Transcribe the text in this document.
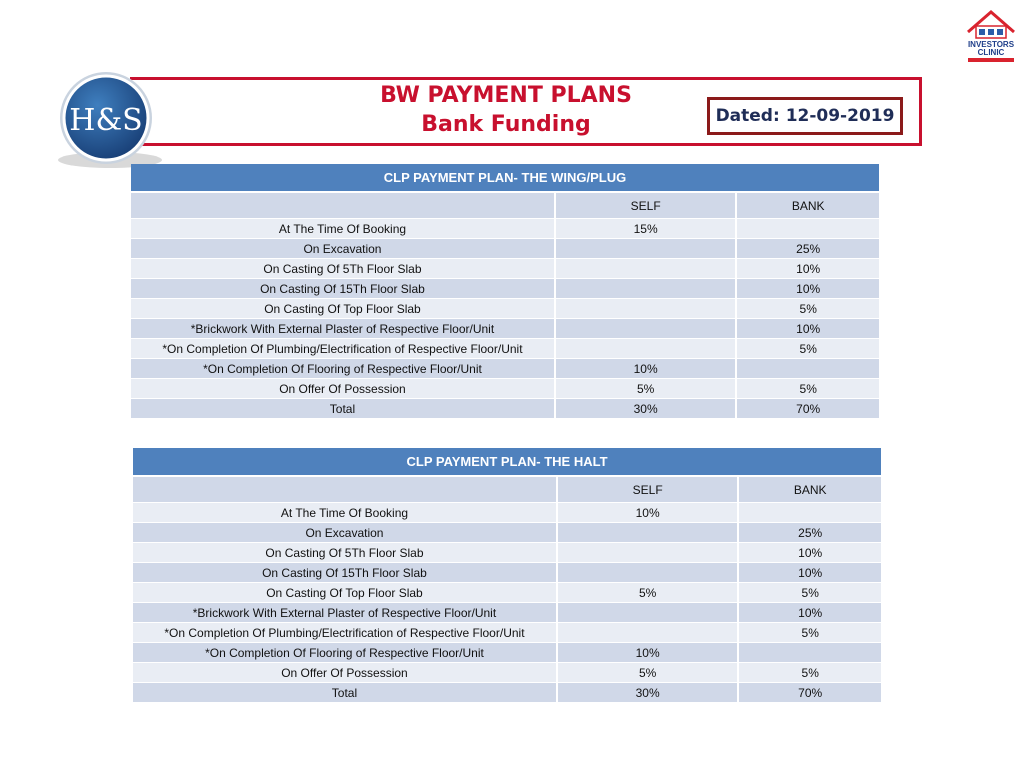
INVESTORS
CLINIC
BW PAYMENT PLANS
Bank Funding	Dated: 12-09-2019
H&S
CLP PAYMENT PLAN- THE WING/PLUG		
	SELF	BANK
At The Time Of Booking	15%	
On Excavation		25%
On Casting Of 5Th Floor Slab		10%
On Casting Of 15Th Floor Slab		10%
On Casting Of Top Floor Slab		5%
*Brickwork With External Plaster of Respective Floor/Unit		10%
*On Completion Of Plumbing/Electrification of Respective Floor/Unit		5%
*On Completion Of Flooring of Respective Floor/Unit	10%	
On Offer Of Possession	5%	5%
Total	30%	70%
CLP PAYMENT PLAN- THE HALT		
	SELF	BANK
At The Time Of Booking	10%	
On Excavation		25%
On Casting Of 5Th Floor Slab		10%
On Casting Of 15Th Floor Slab		10%
On Casting Of Top Floor Slab	5%	5%
*Brickwork With External Plaster of Respective Floor/Unit		10%
*On Completion Of Plumbing/Electrification of Respective Floor/Unit		5%
*On Completion Of Flooring of Respective Floor/Unit	10%	
On Offer Of Possession	5%	5%
Total	30%	70%
